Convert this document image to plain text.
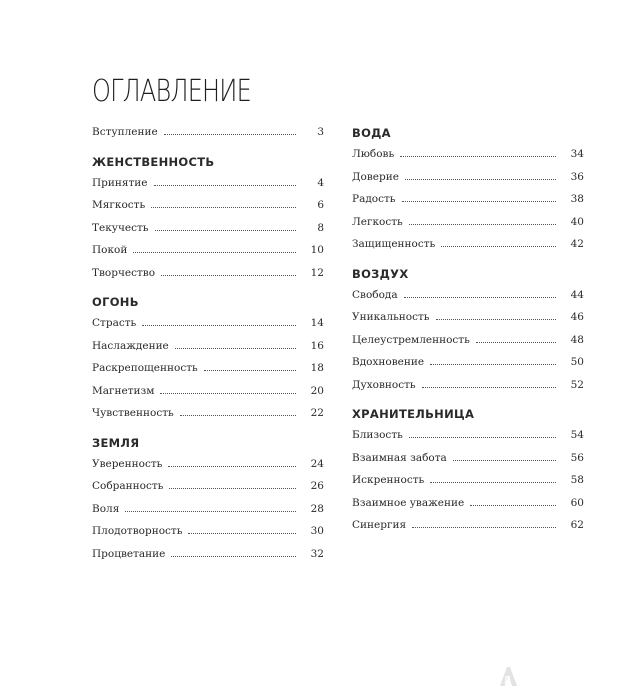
ОГЛАВЛЕНИЕ
Вступление	3
ЖЕНСТВЕННОСТЬ
Принятие	4
Мягкость	6
Текучесть	8
Покой	10
Творчество	12
ОГОНЬ
Страсть	14
Наслаждение	16
Раскрепощенность	18
Магнетизм	20
Чувственность	22
ЗЕМЛЯ
Уверенность	24
Собранность	26
Воля	28
Плодотворность	30
Процветание	32
ВОДА
Любовь	34
Доверие	36
Радость	38
Легкость	40
Защищенность	42
ВОЗДУХ
Свобода	44
Уникальность	46
Целеустремленность	48
Вдохновение	50
Духовность	52
ХРАНИТЕЛЬНИЦА
Близость	54
Взаимная забота	56
Искренность	58
Взаимное уважение	60
Синергия	62
Л
